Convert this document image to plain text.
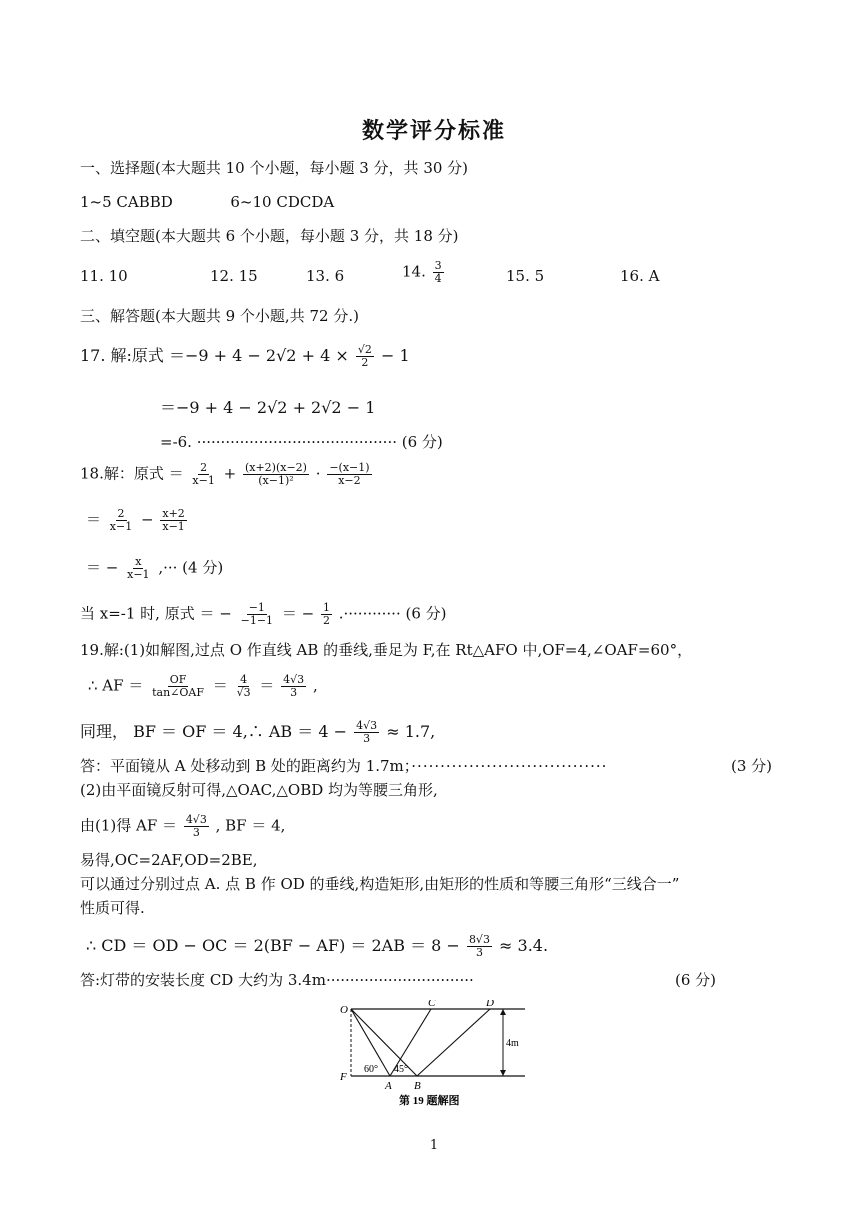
数学评分标准
一、选择题(本大题共 10 个小题，每小题 3 分，共 30 分)
1~5 CABBD	6~10 CDCDA
二、填空题(本大题共 6 个小题，每小题 3 分，共 18 分)
11. 10	12. 15	13. 6	14. $\frac{3}{4}$	15. 5	16. A
三、解答题(本大题共 9 个小题,共 72 分.)
17. 解:原式 $=-9 + 4 - 2√2 + 4 \times \frac{√2}{2} - 1$
＝−9 + 4 − 2√2 + 2√2 − 1
=-6. ·········································· (6 分)
18.解：原式 ＝ $\frac{2}{x-1} + \frac{(x+2)(x-2)}{\text{(x−1)²}} \cdot \frac{-(x-1)}{x-2}$
＝ $\frac{2}{x-1} - \frac{x+2}{x-1}$
＝ − $\frac{x}{x-1}$ ,··· (4 分)
当 x=-1 时, 原式 ＝ − $\frac{-1}{-1-1}$ ＝ − $\frac{1}{2}$ .············ (6 分)
19.解:(1)如解图,过点 O 作直线 AB 的垂线,垂足为 F,在 Rt△AFO 中,OF=4,∠OAF=60°，
∴ AF ＝ $\frac{OF}{\text{tan∠OAF}} = \frac{4}{√3} = \frac{4√3}{3}$ ,
同理， BF ＝ OF ＝ 4,∴ AB ＝ $4 - \frac{4√3}{3} \approx 1.7$,
答：平面镜从 A 处移动到 B 处的距离约为 1.7m；··································	(3 分)
(2)由平面镜反射可得,△OAC,△OBD 均为等腰三角形,
由(1)得 AF ＝ $\frac{4√3}{3}$ , BF ＝ 4,
易得,OC=2AF,OD=2BE,
可以通过分别过点 A. 点 B 作 OD 的垂线,构造矩形,由矩形的性质和等腰三角形“三线合一”
性质可得.
∴ CD ＝ OD − OC ＝ $2(BF - AF) = 2AB = 8 - \frac{8√3}{3} \approx 3.4$.
答:灯带的安装长度 CD 大约为 3.4m·······························	(6 分)
O
C	D
F
A B
60° 45°
4m
第 19 题解图
1
